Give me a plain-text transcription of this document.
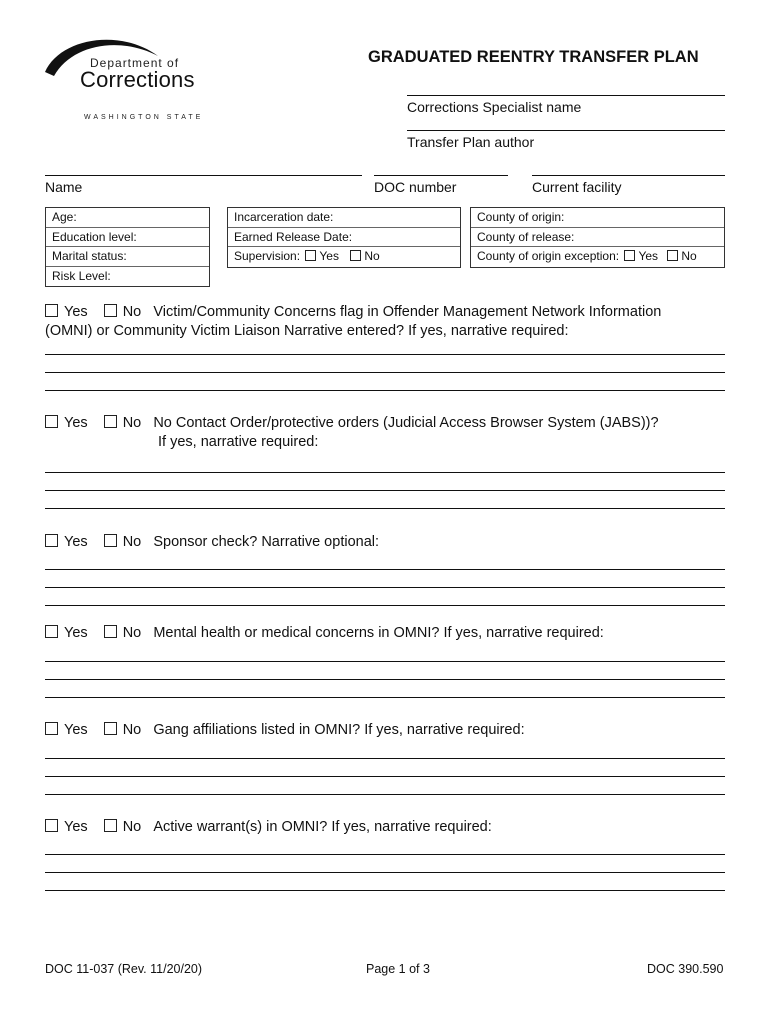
Department of
Corrections
WASHINGTON STATE
GRADUATED REENTRY TRANSFER PLAN
Corrections Specialist name
Transfer Plan author
Name	DOC number	Current facility
Age:
Education level:
Marital status:
Risk Level:
Incarceration date:
Earned Release Date:
Supervision: Yes No
County of origin:
County of release:
County of origin exception: Yes No
Yes No Victim/Community Concerns flag in Offender Management Network Information
(OMNI) or Community Victim Liaison Narrative entered? If yes, narrative required:
Yes No No Contact Order/protective orders (Judicial Access Browser System (JABS))?
If yes, narrative required:
Yes No Sponsor check? Narrative optional:
Yes No Mental health or medical concerns in OMNI? If yes, narrative required:
Yes No Gang affiliations listed in OMNI? If yes, narrative required:
Yes No Active warrant(s) in OMNI? If yes, narrative required:
DOC 11-037 (Rev. 11/20/20)	Page 1 of 3	DOC 390.590
